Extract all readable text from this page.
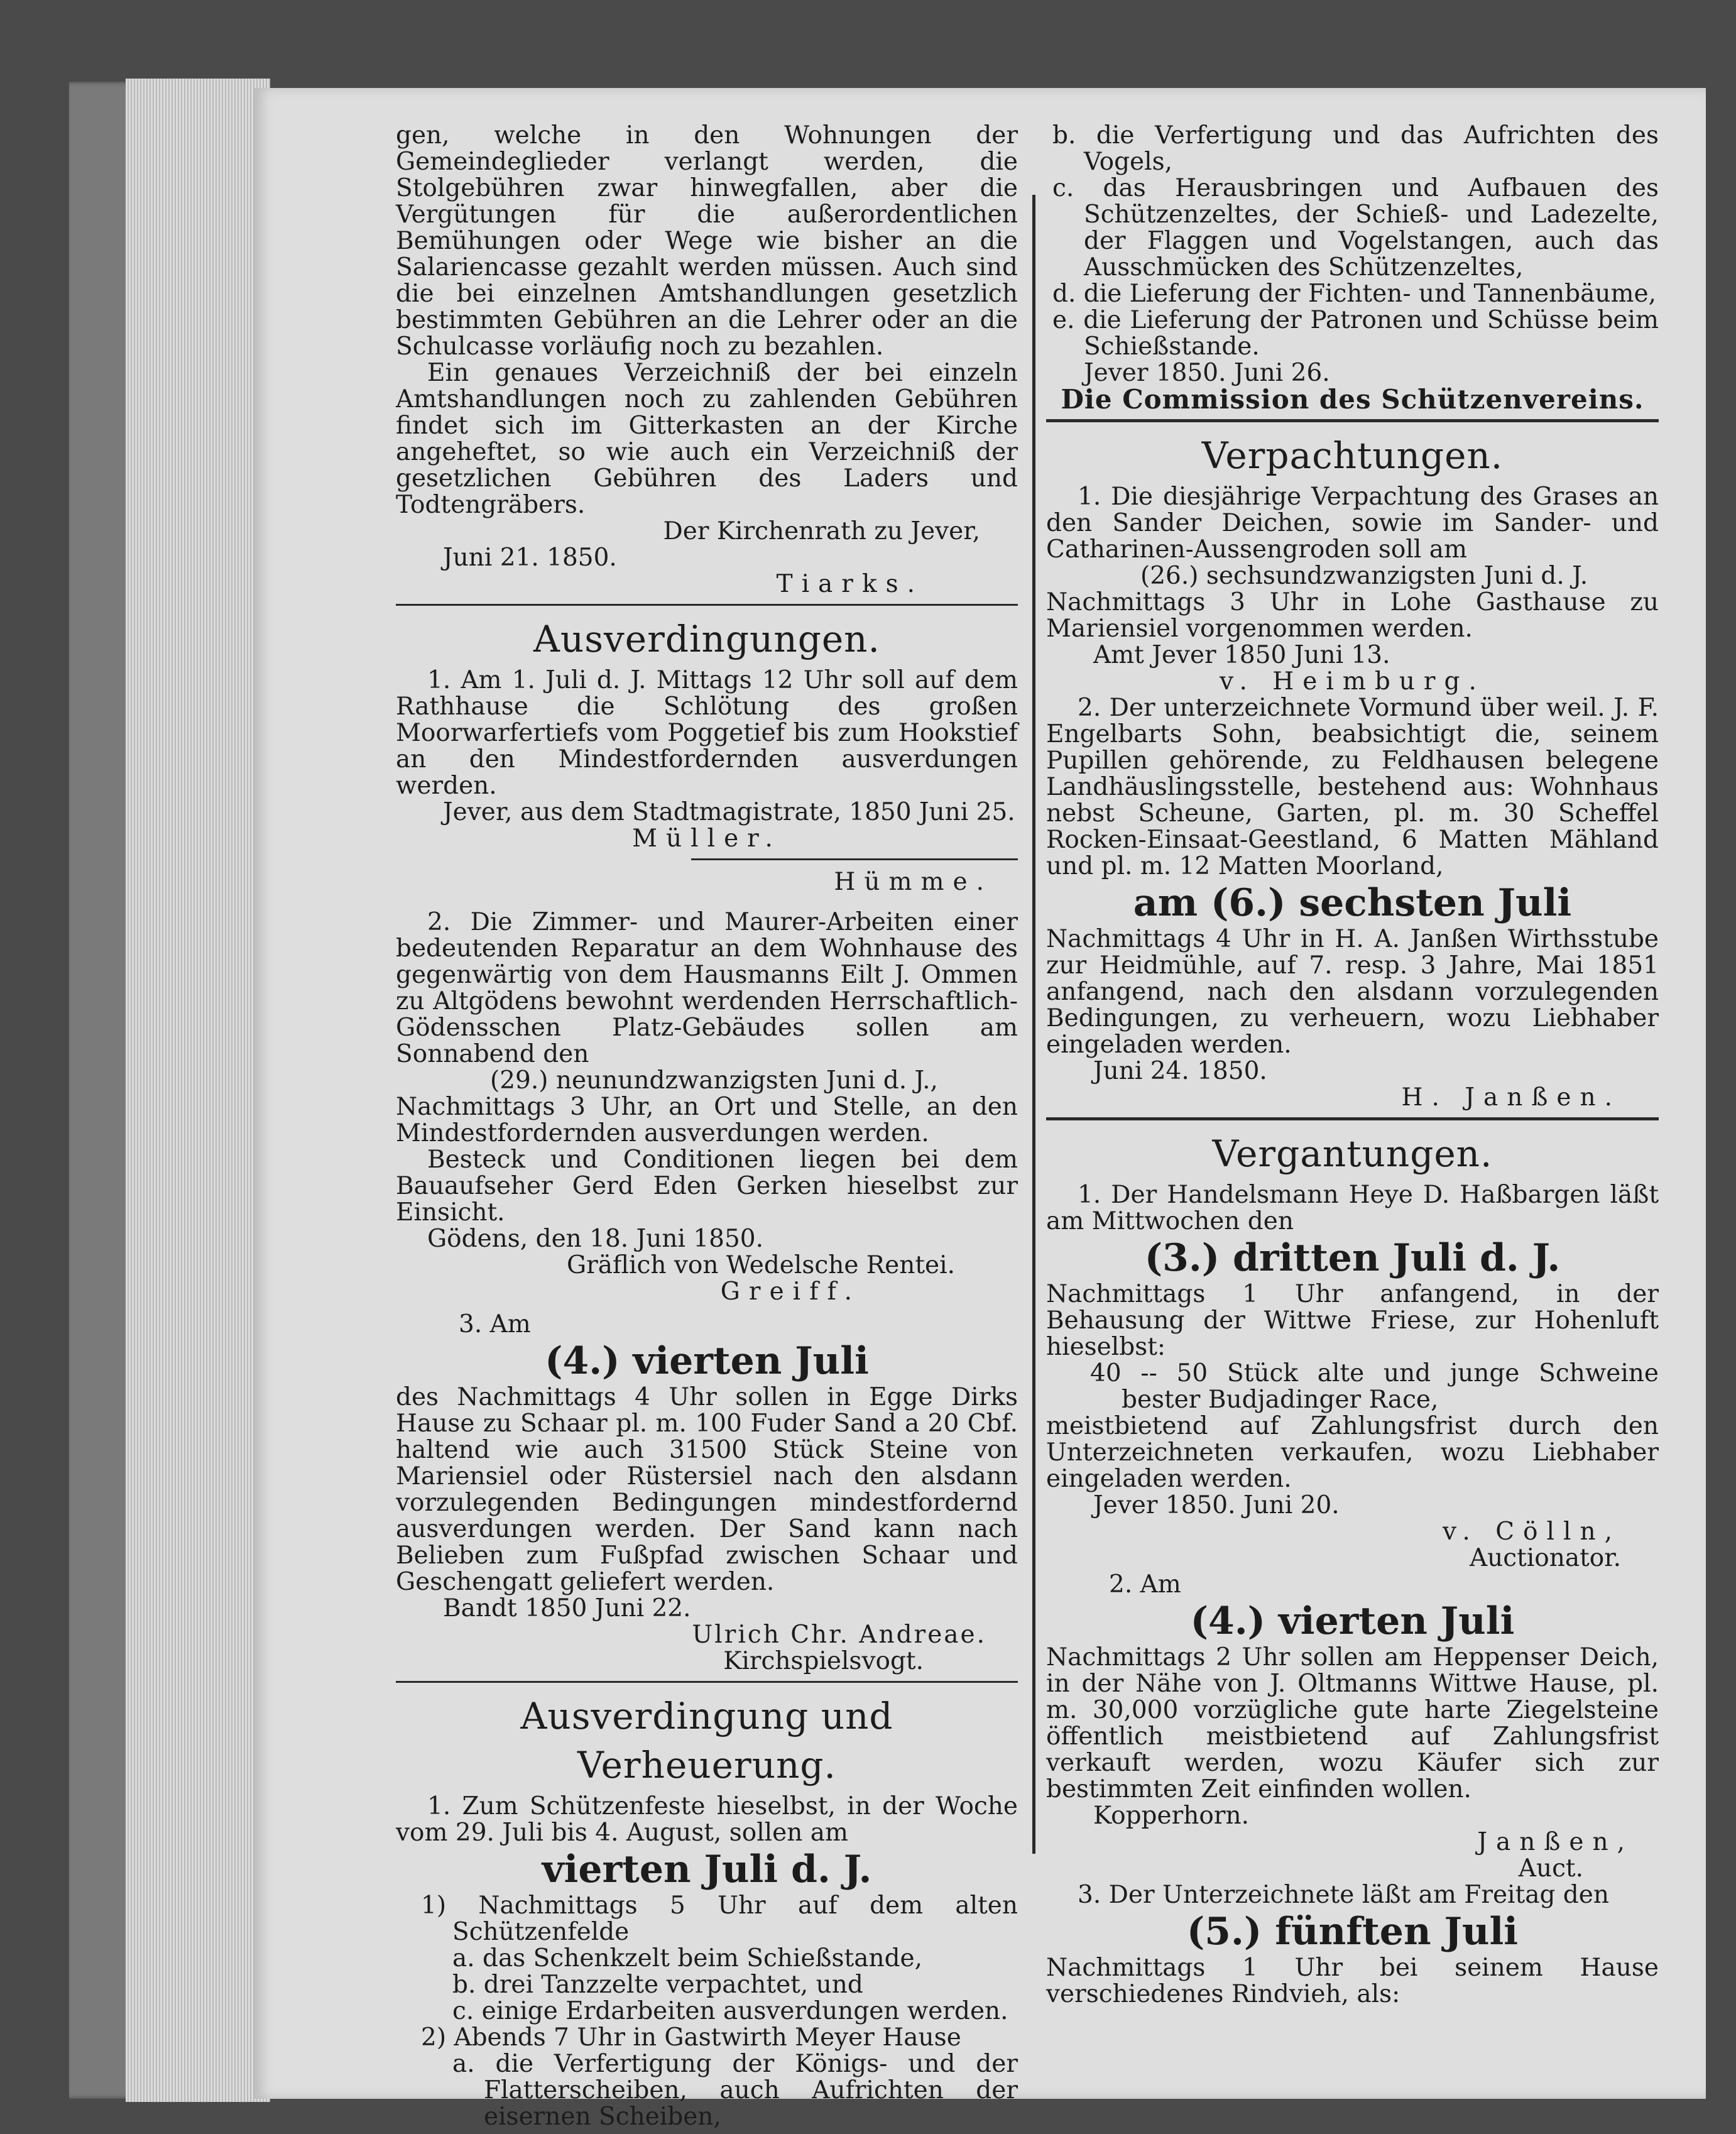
gen, welche in den Wohnungen der Gemeindeglieder verlangt werden, die Stolgebühren zwar hinwegfallen, aber die Vergütungen für die außerordentlichen Bemühungen oder Wege wie bisher an die Salariencasse gezahlt werden müssen. Auch sind die bei einzelnen Amtshandlungen gesetzlich bestimmten Gebühren an die Lehrer oder an die Schulcasse vorläufig noch zu bezahlen.

Ein genaues Verzeichniß der bei einzeln Amtshandlungen noch zu zahlenden Gebühren findet sich im Gitterkasten an der Kirche angeheftet, so wie auch ein Verzeichniß der gesetzlichen Gebühren des Laders und Todtengräbers.

Der Kirchenrath zu Jever,

Juni 21. 1850.

Tiarks.

Ausverdingungen.

1. Am 1. Juli d. J. Mittags 12 Uhr soll auf dem Rathhause die Schlötung des großen Moorwarfertiefs vom Poggetief bis zum Hookstief an den Mindestfordernden ausverdungen werden.

Jever, aus dem Stadtmagistrate, 1850 Juni 25.

Müller.

Hümme.

2. Die Zimmer- und Maurer-Arbeiten einer bedeutenden Reparatur an dem Wohnhause des gegenwärtig von dem Hausmanns Eilt J. Ommen zu Altgödens bewohnt werdenden Herrschaftlich-Gödensschen Platz-Gebäudes sollen am Sonnabend den

(29.) neunundzwanzigsten Juni d. J.,

Nachmittags 3 Uhr, an Ort und Stelle, an den Mindestfordernden ausverdungen werden.

Besteck und Conditionen liegen bei dem Bauaufseher Gerd Eden Gerken hieselbst zur Einsicht.

Gödens, den 18. Juni 1850.

Gräflich von Wedelsche Rentei.

Greiff.

3. Am

(4.) vierten Juli

des Nachmittags 4 Uhr sollen in Egge Dirks Hause zu Schaar pl. m. 100 Fuder Sand a 20 Cbf. haltend wie auch 31500 Stück Steine von Mariensiel oder Rüstersiel nach den alsdann vorzulegenden Bedingungen mindestfordernd ausverdungen werden. Der Sand kann nach Belieben zum Fußpfad zwischen Schaar und Geschengatt geliefert werden.

Bandt 1850 Juni 22.

Ulrich Chr. Andreae.

Kirchspielsvogt.

Ausverdingung und Verheuerung.

1. Zum Schützenfeste hieselbst, in der Woche vom 29. Juli bis 4. August, sollen am

vierten Juli d. J.

1) Nachmittags 5 Uhr auf dem alten Schützenfelde

a. das Schenkzelt beim Schießstande,

b. drei Tanzzelte verpachtet, und

c. einige Erdarbeiten ausverdungen werden.

2) Abends 7 Uhr in Gastwirth Meyer Hause

a. die Verfertigung der Königs- und der Flatterscheiben, auch Aufrichten der eisernen Scheiben,

b. die Verfertigung und das Aufrichten des Vogels,

c. das Herausbringen und Aufbauen des Schützenzeltes, der Schieß- und Ladezelte, der Flaggen und Vogelstangen, auch das Ausschmücken des Schützenzeltes,

d. die Lieferung der Fichten- und Tannenbäume,

e. die Lieferung der Patronen und Schüsse beim Schießstande.

Jever 1850. Juni 26.

Die Commission des Schützenvereins.

Verpachtungen.

1. Die diesjährige Verpachtung des Grases an den Sander Deichen, sowie im Sander- und Catharinen-Aussengroden soll am

(26.) sechsundzwanzigsten Juni d. J.

Nachmittags 3 Uhr in Lohe Gasthause zu Mariensiel vorgenommen werden.

Amt Jever 1850 Juni 13.

v. Heimburg.

2. Der unterzeichnete Vormund über weil. J. F. Engelbarts Sohn, beabsichtigt die, seinem Pupillen gehörende, zu Feldhausen belegene Landhäuslingsstelle, bestehend aus: Wohnhaus nebst Scheune, Garten, pl. m. 30 Scheffel Rocken-Einsaat-Geestland, 6 Matten Mähland und pl. m. 12 Matten Moorland,

am (6.) sechsten Juli

Nachmittags 4 Uhr in H. A. Janßen Wirthsstube zur Heidmühle, auf 7. resp. 3 Jahre, Mai 1851 anfangend, nach den alsdann vorzulegenden Bedingungen, zu verheuern, wozu Liebhaber eingeladen werden.

Juni 24. 1850.

H. Janßen.

Vergantungen.

1. Der Handelsmann Heye D. Haßbargen läßt am Mittwochen den

(3.) dritten Juli d. J.

Nachmittags 1 Uhr anfangend, in der Behausung der Wittwe Friese, zur Hohenluft hieselbst:

40 -- 50 Stück alte und junge Schweine bester Budjadinger Race,

meistbietend auf Zahlungsfrist durch den Unterzeichneten verkaufen, wozu Liebhaber eingeladen werden.

Jever 1850. Juni 20.

v. Cölln,

Auctionator.

2. Am

(4.) vierten Juli

Nachmittags 2 Uhr sollen am Heppenser Deich, in der Nähe von J. Oltmanns Wittwe Hause, pl. m. 30,000 vorzügliche gute harte Ziegelsteine öffentlich meistbietend auf Zahlungsfrist verkauft werden, wozu Käufer sich zur bestimmten Zeit einfinden wollen.

Kopperhorn.

Janßen,

Auct.

3. Der Unterzeichnete läßt am Freitag den

(5.) fünften Juli

Nachmittags 1 Uhr bei seinem Hause verschiedenes Rindvieh, als:
